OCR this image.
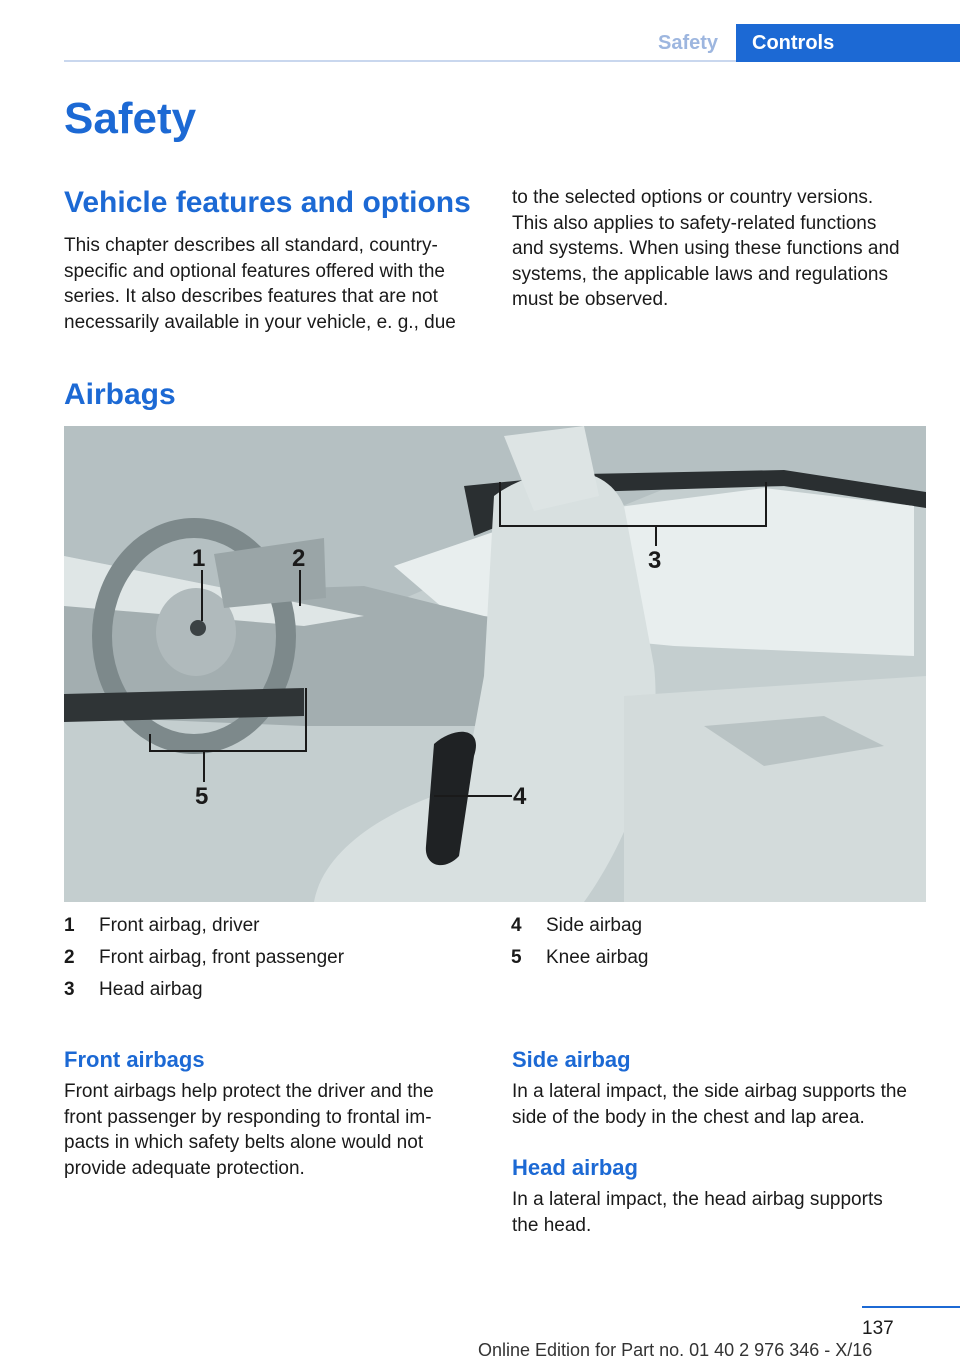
Safety	Controls
Safety
Vehicle features and options

This chapter describes all standard, country-
specific and optional features offered with the
series. It also describes features that are not
necessarily available in your vehicle, e. g., due

to the selected options or country versions.
This also applies to safety-related functions
and systems. When using these functions and
systems, the applicable laws and regulations
must be observed.

Airbags
1	2	3
4
5
1 Front airbag, driver
2 Front airbag, front passenger
3 Head airbag
4 Side airbag
5 Knee airbag
Front airbags

Front airbags help protect the driver and the
front passenger by responding to frontal im-
pacts in which safety belts alone would not
provide adequate protection.

Side airbag

In a lateral impact, the side airbag supports the
side of the body in the chest and lap area.

Head airbag

In a lateral impact, the head airbag supports
the head.

137
Online Edition for Part no. 01 40 2 976 346 - X/16
